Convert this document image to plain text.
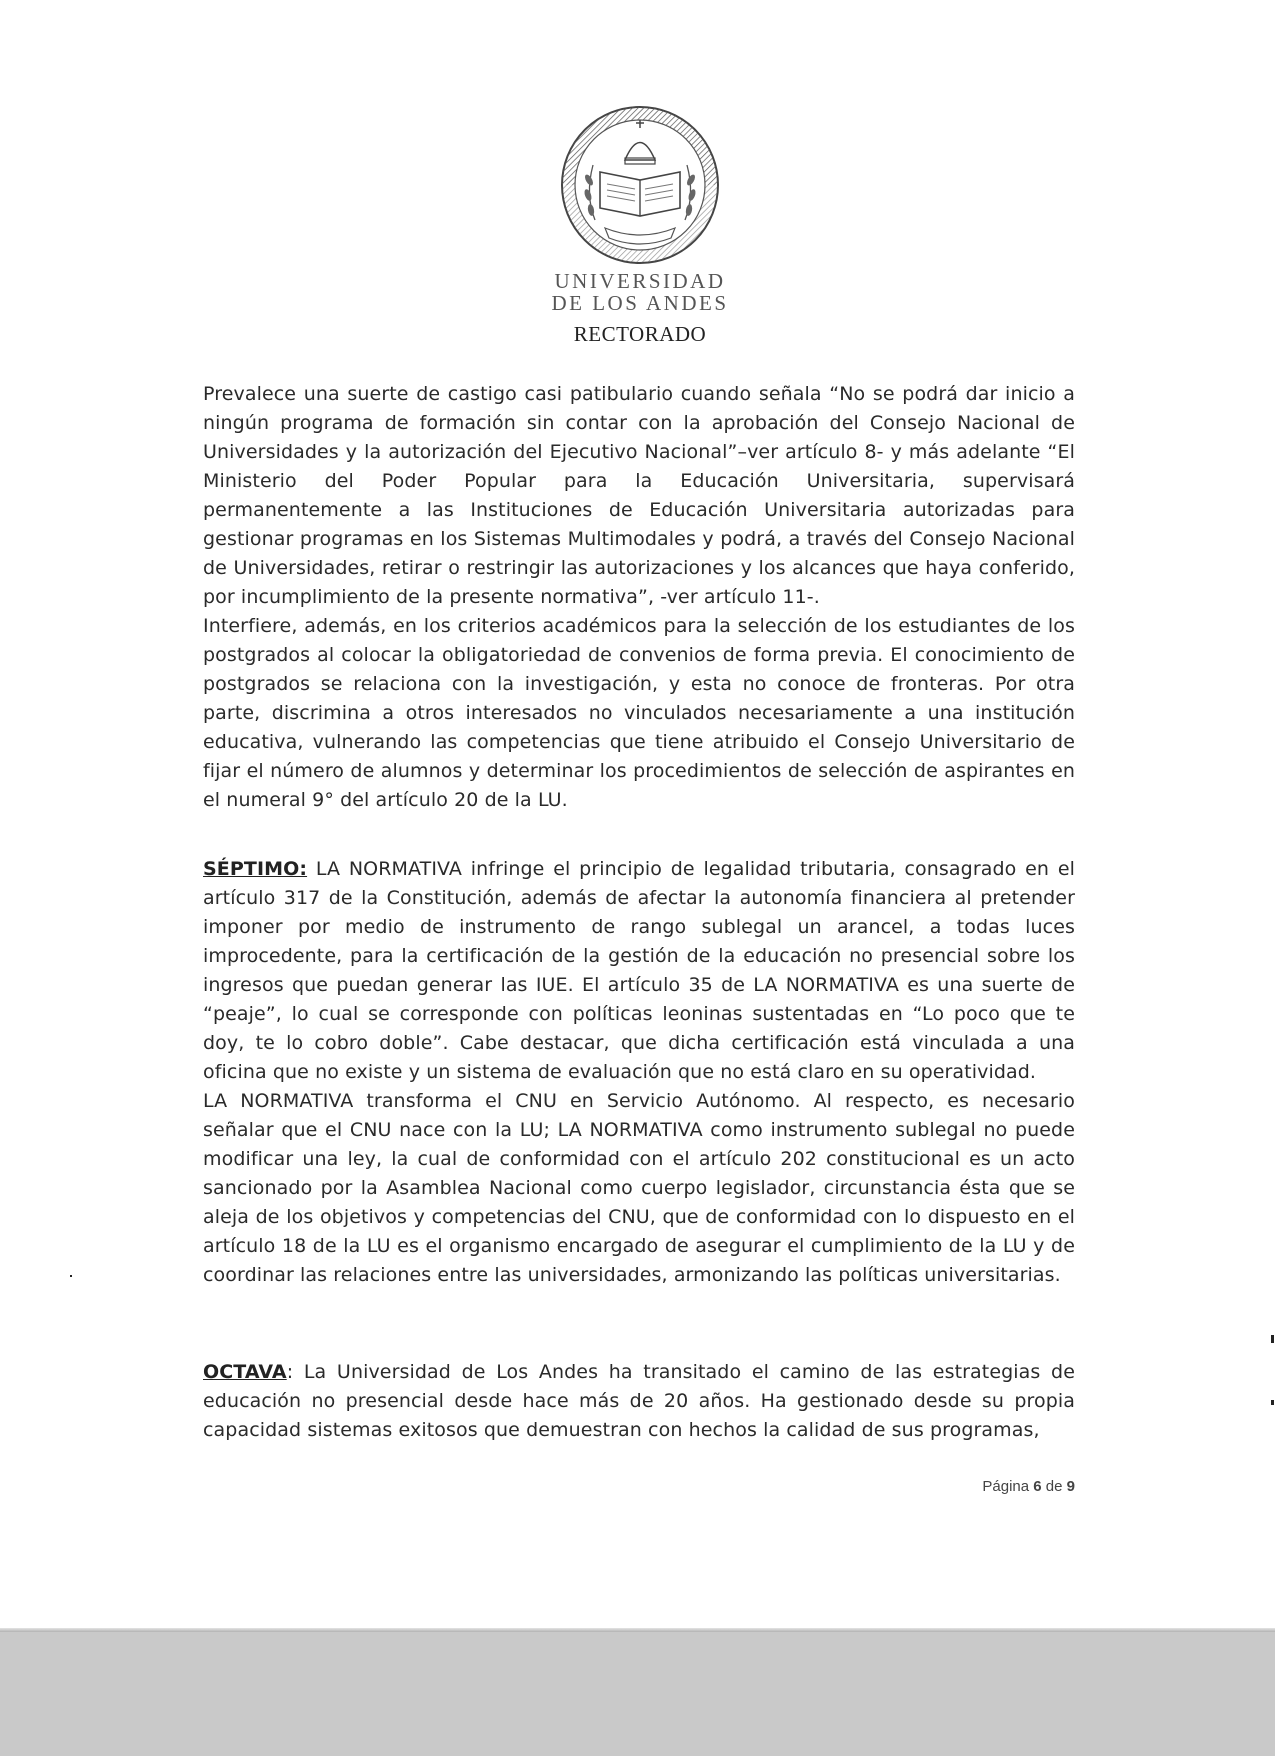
UNIVERSIDAD
DE LOS ANDES
RECTORADO

Prevalece una suerte de castigo casi patibulario cuando señala “No se podrá dar inicio a ningún programa de formación sin contar con la aprobación del Consejo Nacional de Universidades y la autorización del Ejecutivo Nacional”–ver artículo 8- y más adelante “El Ministerio del Poder Popular para la Educación Universitaria, supervisará permanentemente a las Instituciones de Educación Universitaria autorizadas para gestionar programas en los Sistemas Multimodales y podrá, a través del Consejo Nacional de Universidades, retirar o restringir las autorizaciones y los alcances que haya conferido, por incumplimiento de la presente normativa”, -ver artículo 11-.

Interfiere, además, en los criterios académicos para la selección de los estudiantes de los postgrados al colocar la obligatoriedad de convenios de forma previa. El conocimiento de postgrados se relaciona con la investigación, y esta no conoce de fronteras. Por otra parte, discrimina a otros interesados no vinculados necesariamente a una institución educativa, vulnerando las competencias que tiene atribuido el Consejo Universitario de fijar el número de alumnos y determinar los procedimientos de selección de aspirantes en el numeral 9° del artículo 20 de la LU.

SÉPTIMO: LA NORMATIVA infringe el principio de legalidad tributaria, consagrado en el artículo 317 de la Constitución, además de afectar la autonomía financiera al pretender imponer por medio de instrumento de rango sublegal un arancel, a todas luces improcedente, para la certificación de la gestión de la educación no presencial sobre los ingresos que puedan generar las IUE. El artículo 35 de LA NORMATIVA es una suerte de “peaje”, lo cual se corresponde con políticas leoninas sustentadas en “Lo poco que te doy, te lo cobro doble”. Cabe destacar, que dicha certificación está vinculada a una oficina que no existe y un sistema de evaluación que no está claro en su operatividad.

LA NORMATIVA transforma el CNU en Servicio Autónomo. Al respecto, es necesario señalar que el CNU nace con la LU; LA NORMATIVA como instrumento sublegal no puede modificar una ley, la cual de conformidad con el artículo 202 constitucional es un acto sancionado por la Asamblea Nacional como cuerpo legislador, circunstancia ésta que se aleja de los objetivos y competencias del CNU, que de conformidad con lo dispuesto en el artículo 18 de la LU es el organismo encargado de asegurar el cumplimiento de la LU y de coordinar las relaciones entre las universidades, armonizando las políticas universitarias.

OCTAVA: La Universidad de Los Andes ha transitado el camino de las estrategias de educación no presencial desde hace más de 20 años. Ha gestionado desde su propia capacidad sistemas exitosos que demuestran con hechos la calidad de sus programas,

Página 6 de 9
